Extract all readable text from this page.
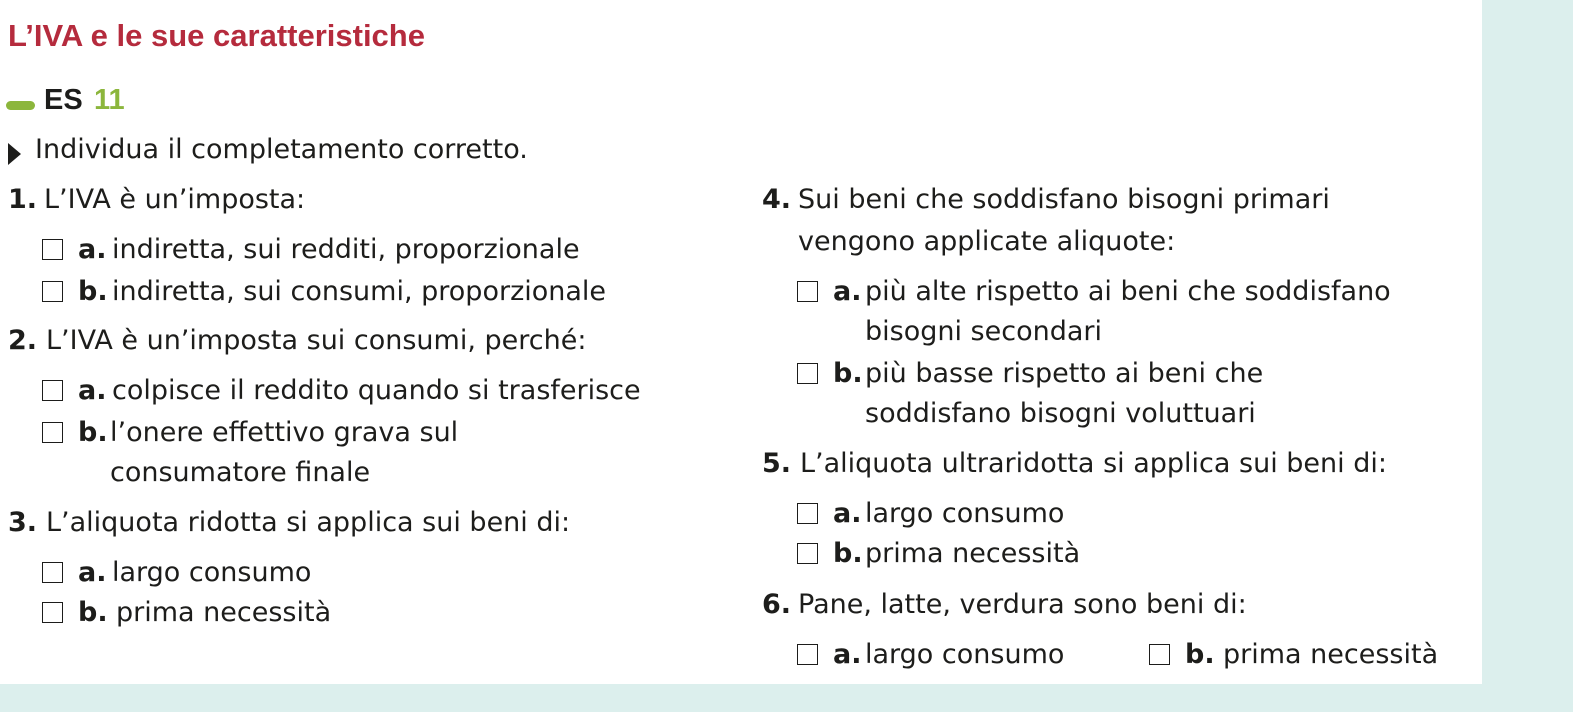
L’IVA e le sue caratteristiche
ES 11
Individua il completamento corretto.
1. L’IVA è un’imposta:
a. indiretta, sui redditi, proporzionale
b. indiretta, sui consumi, proporzionale
2. L’IVA è un’imposta sui consumi, perché:
a. colpisce il reddito quando si trasferisce
b. l’onere effettivo grava sul
consumatore finale
3. L’aliquota ridotta si applica sui beni di:
a. largo consumo
b. prima necessità
4. Sui beni che soddisfano bisogni primari
vengono applicate aliquote:
a. più alte rispetto ai beni che soddisfano
bisogni secondari
b. più basse rispetto ai beni che
soddisfano bisogni voluttuari
5. L’aliquota ultraridotta si applica sui beni di:
a. largo consumo
b. prima necessità
6. Pane, latte, verdura sono beni di:
a. largo consumo	b. prima necessità
